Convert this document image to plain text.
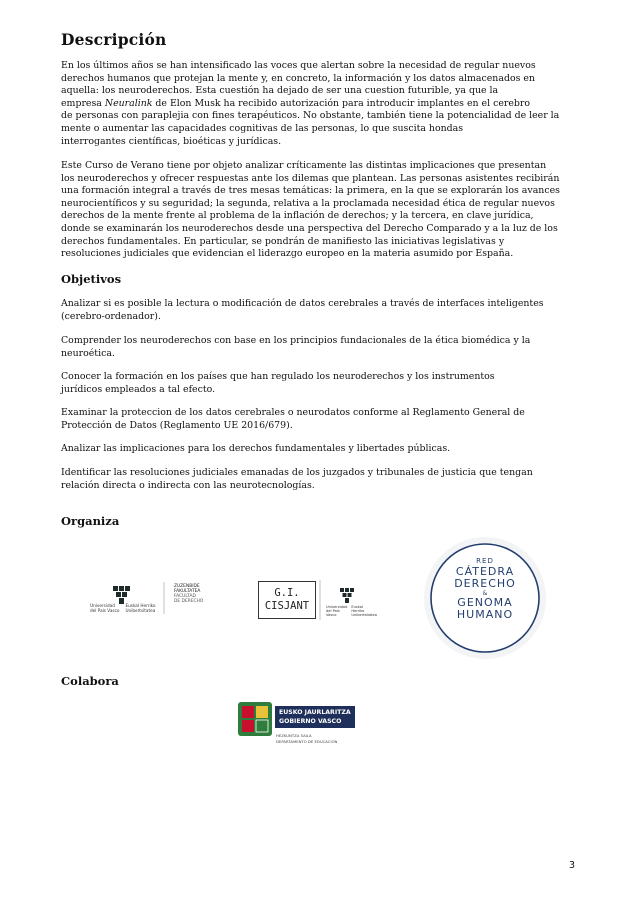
Descripción
En los últimos años se han intensificado las voces que alertan sobre la necesidad de regular nuevos
derechos humanos que protejan la mente y, en concreto, la información y los datos almacenados en
aquella: los neuroderechos. Esta cuestión ha dejado de ser una cuestion futurible, ya que la
empresa Neuralink de Elon Musk ha recibido autorización para introducir implantes en el cerebro
de personas con paraplejia con fines terapéuticos. No obstante, también tiene la potencialidad de leer la
mente o aumentar las capacidades cognitivas de las personas, lo que suscita hondas
interrogantes científicas, bioéticas y jurídicas.
Este Curso de Verano tiene por objeto analizar críticamente las distintas implicaciones que presentan
los neuroderechos y ofrecer respuestas ante los dilemas que plantean. Las personas asistentes recibirán
una formación integral a través de tres mesas temáticas: la primera, en la que se explorarán los avances
neurocientíficos y su seguridad; la segunda, relativa a la proclamada necesidad ética de regular nuevos
derechos de la mente frente al problema de la inflación de derechos; y la tercera, en clave jurídica,
donde se examinarán los neuroderechos desde una perspectiva del Derecho Comparado y a la luz de los
derechos fundamentales. En particular, se pondrán de manifiesto las iniciativas legislativas y
resoluciones judiciales que evidencian el liderazgo europeo en la materia asumido por España.
Objetivos
Analizar si es posible la lectura o modificación de datos cerebrales a través de interfaces inteligentes
(cerebro-ordenador).
Comprender los neuroderechos con base en los principios fundacionales de la ética biomédica y la
neuroética.
Conocer la formación en los países que han regulado los neuroderechos y los instrumentos
jurídicos empleados a tal efecto.
Examinar la proteccion de los datos cerebrales o neurodatos conforme al Reglamento General de
Protección de Datos (Reglamento UE 2016/679).
Analizar las implicaciones para los derechos fundamentales y libertades públicas.
Identificar las resoluciones judiciales emanadas de los juzgados y tribunales de justicia que tengan
relación directa o indirecta con las neurotecnologías.
Organiza
Universidad
del País Vasco
Euskal Herriko
Unibertsitatea
ZUZENBIDE
FAKULTATEA
FACULTAD
DE DERECHO
G.I.
CISJANT	Universidad
del País Vasco
Euskal Herriko
Unibertsitatea
RED
CÁTEDRA
DERECHO
&
GENOMA
HUMANO
Colabora
EUSKO JAURLARITZA
GOBIERNO VASCO
HEZKUNTZA SAILA
DEPARTAMENTO DE EDUCACIÓN
3
